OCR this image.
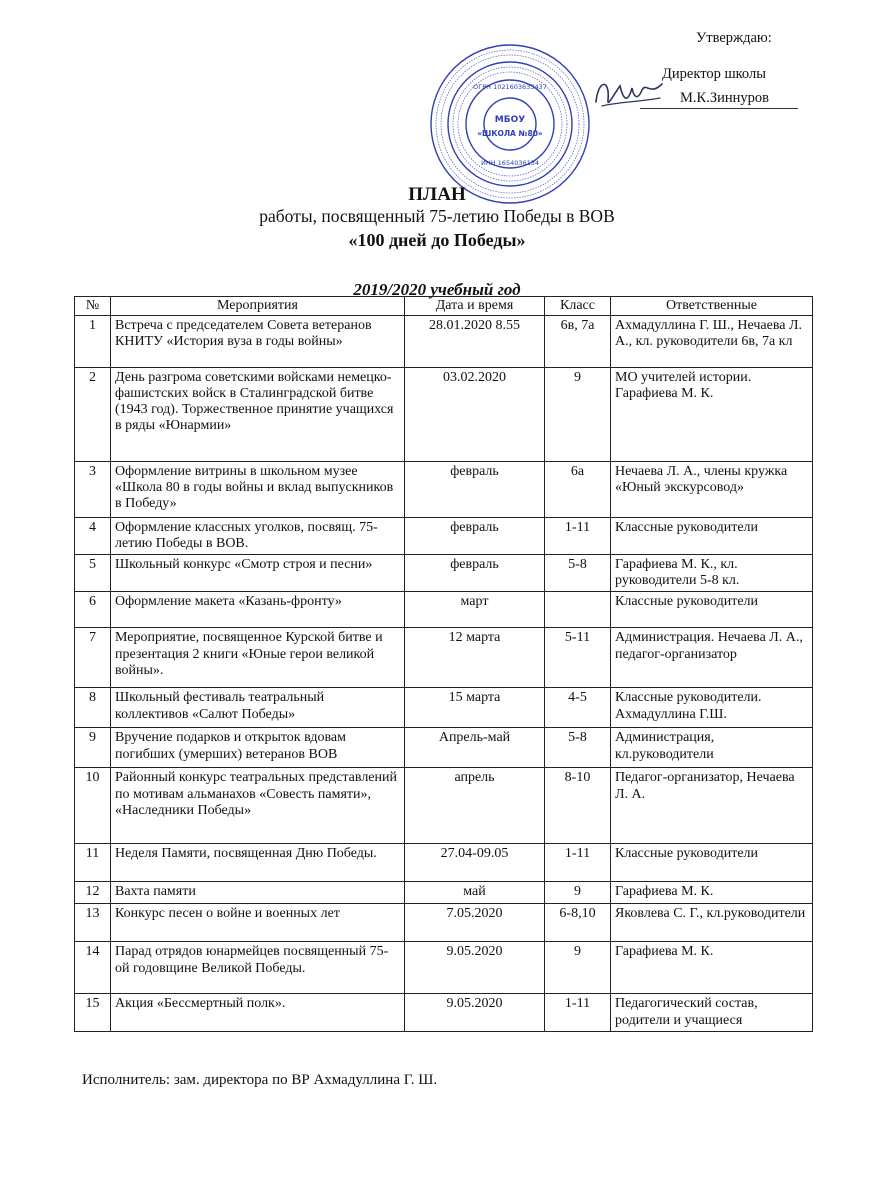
Утверждаю:
Директор школы
М.К.Зиннуров
МБОУ
«ШКОЛА №80»
ОГРН 1021603633437
ИНН 1654036134
ПЛАН
работы, посвященный 75-летию Победы в ВОВ
«100 дней до Победы»
2019/2020 учебный год
№	Мероприятия	Дата и время	Класс	Ответственные
1	Встреча с председателем Совета ветеранов КНИТУ «История вуза в годы войны»	28.01.2020 8.55	6в, 7а	Ахмадуллина Г. Ш., Нечаева Л. А., кл. руководители 6в, 7а кл
2	День разгрома советскими войсками немецко-фашистских войск в Сталинградской битве (1943 год). Торжественное принятие учащихся в ряды «Юнармии»	03.02.2020	9	МО учителей истории. Гарафиева М. К.
3	Оформление витрины в школьном музее «Школа 80 в годы войны и вклад выпускников в Победу»	февраль	6а	Нечаева Л. А., члены кружка «Юный экскурсовод»
4	Оформление классных уголков, посвящ. 75-летию Победы в ВОВ.	февраль	1-11	Классные руководители
5	Школьный конкурс «Смотр строя и песни»	февраль	5-8	Гарафиева М. К., кл. руководители 5-8 кл.
6	Оформление макета «Казань-фронту»	март		Классные руководители
7	Мероприятие, посвященное Курской битве и презентация 2 книги «Юные герои великой войны».	12 марта	5-11	Администрация. Нечаева Л. А., педагог-организатор
8	Школьный фестиваль театральный коллективов «Салют Победы»	15 марта	4-5	Классные руководители. Ахмадуллина Г.Ш.
9	Вручение подарков и открыток вдовам погибших (умерших) ветеранов ВОВ	Апрель-май	5-8	Администрация, кл.руководители
10	Районный конкурс театральных представлений по мотивам альманахов «Совесть памяти», «Наследники Победы»	апрель	8-10	Педагог-организатор, Нечаева Л. А.
11	Неделя Памяти, посвященная Дню Победы.	27.04-09.05	1-11	Классные руководители
12	Вахта памяти	май	9	Гарафиева М. К.
13	Конкурс песен о войне и военных лет	7.05.2020	6-8,10	Яковлева С. Г., кл.руководители
14	Парад отрядов юнармейцев посвященный 75-ой годовщине Великой Победы.	9.05.2020	9	Гарафиева М. К.
15	Акция «Бессмертный полк».	9.05.2020	1-11	Педагогический состав, родители и учащиеся
Исполнитель: зам. директора по ВР Ахмадуллина Г. Ш.
